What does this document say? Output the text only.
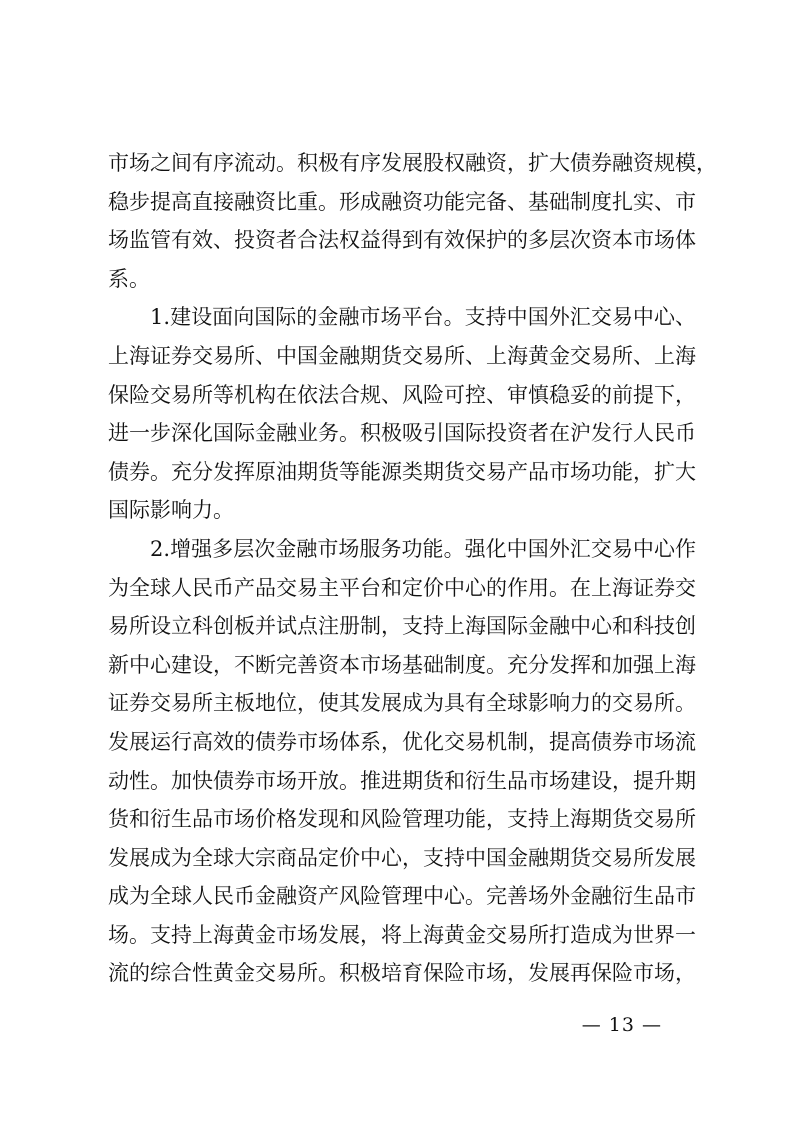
市场之间有序流动。积极有序发展股权融资，扩大债券融资规模，
稳步提高直接融资比重。形成融资功能完备、基础制度扎实、市
场监管有效、投资者合法权益得到有效保护的多层次资本市场体
系。
1.建设面向国际的金融市场平台。支持中国外汇交易中心、
上海证券交易所、中国金融期货交易所、上海黄金交易所、上海
保险交易所等机构在依法合规、风险可控、审慎稳妥的前提下，
进一步深化国际金融业务。积极吸引国际投资者在沪发行人民币
债券。充分发挥原油期货等能源类期货交易产品市场功能，扩大
国际影响力。
2.增强多层次金融市场服务功能。强化中国外汇交易中心作
为全球人民币产品交易主平台和定价中心的作用。在上海证券交
易所设立科创板并试点注册制，支持上海国际金融中心和科技创
新中心建设，不断完善资本市场基础制度。充分发挥和加强上海
证券交易所主板地位，使其发展成为具有全球影响力的交易所。
发展运行高效的债券市场体系，优化交易机制，提高债券市场流
动性。加快债券市场开放。推进期货和衍生品市场建设，提升期
货和衍生品市场价格发现和风险管理功能，支持上海期货交易所
发展成为全球大宗商品定价中心，支持中国金融期货交易所发展
成为全球人民币金融资产风险管理中心。完善场外金融衍生品市
场。支持上海黄金市场发展，将上海黄金交易所打造成为世界一
流的综合性黄金交易所。积极培育保险市场，发展再保险市场，
— 13 —
